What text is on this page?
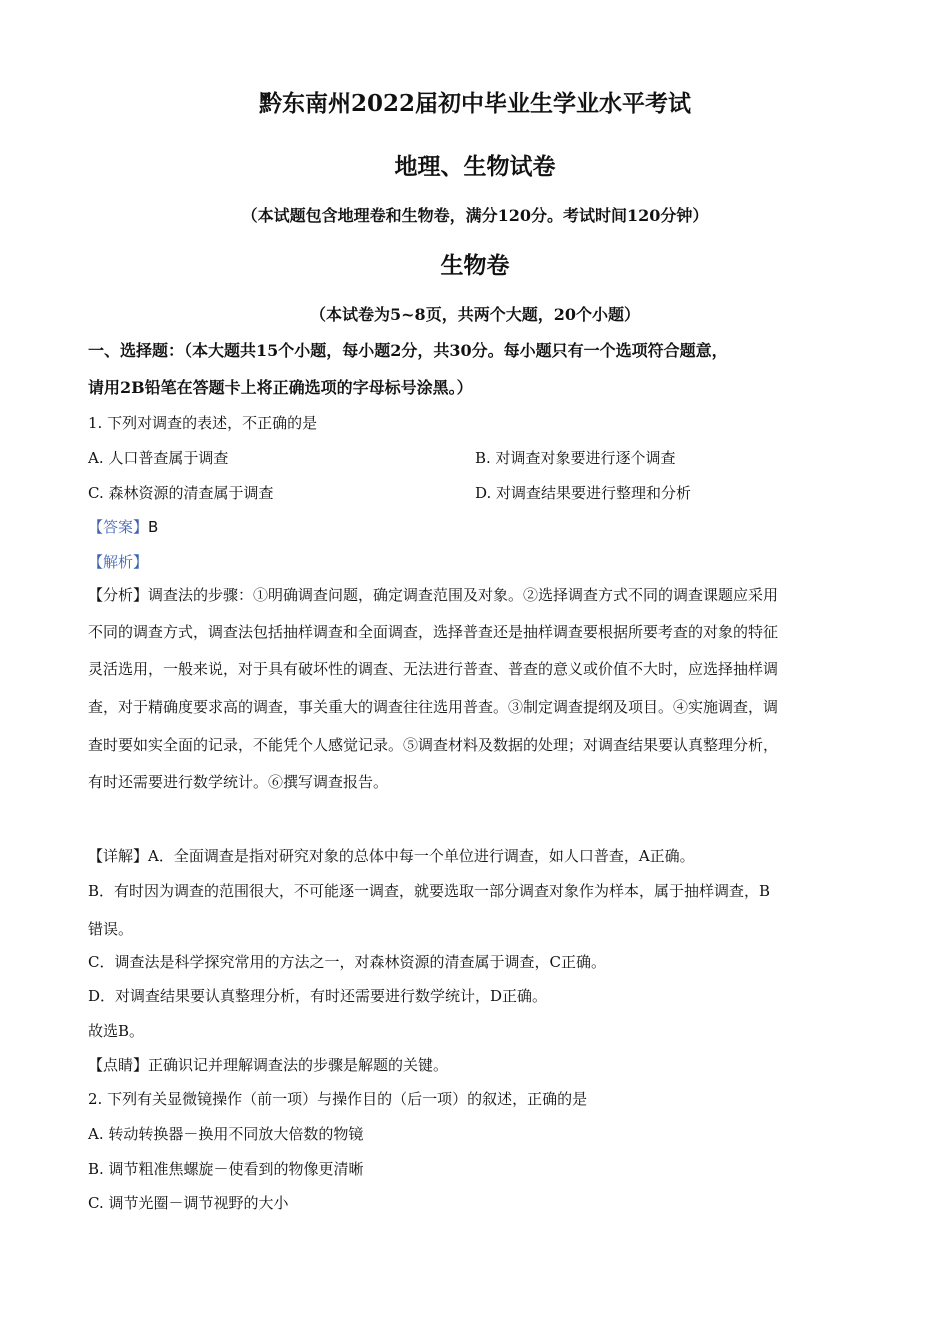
黔东南州2022届初中毕业生学业水平考试
地理、生物试卷
（本试题包含地理卷和生物卷，满分120分。考试时间120分钟）
生物卷
（本试卷为5~8页，共两个大题，20个小题）
一、选择题：（本大题共15个小题，每小题2分，共30分。每小题只有一个选项符合题意，
请用2B铅笔在答题卡上将正确选项的字母标号涂黑。）
1. 下列对调查的表述，不正确的是
A. 人口普查属于调查	B. 对调查对象要进行逐个调查
C. 森林资源的清查属于调查	D. 对调查结果要进行整理和分析
【答案】B
【解析】
【分析】调查法的步骤：①明确调查问题，确定调查范围及对象。②选择调查方式不同的调查课题应采用
不同的调查方式，调查法包括抽样调查和全面调查，选择普查还是抽样调查要根据所要考查的对象的特征
灵活选用，一般来说，对于具有破坏性的调查、无法进行普查、普查的意义或价值不大时，应选择抽样调
查，对于精确度要求高的调查，事关重大的调查往往选用普查。③制定调查提纲及项目。④实施调查，调
查时要如实全面的记录，不能凭个人感觉记录。⑤调查材料及数据的处理；对调查结果要认真整理分析，
有时还需要进行数学统计。⑥撰写调查报告。
【详解】A．全面调查是指对研究对象的总体中每一个单位进行调查，如人口普查，A正确。
B．有时因为调查的范围很大，不可能逐一调查，就要选取一部分调查对象作为样本，属于抽样调查，B
错误。
C．调查法是科学探究常用的方法之一，对森林资源的清查属于调查，C正确。
D．对调查结果要认真整理分析，有时还需要进行数学统计，D正确。
故选B。
【点睛】正确识记并理解调查法的步骤是解题的关键。
2. 下列有关显微镜操作（前一项）与操作目的（后一项）的叙述，正确的是
A. 转动转换器－换用不同放大倍数的物镜
B. 调节粗准焦螺旋－使看到的物像更清晰
C. 调节光圈－调节视野的大小
